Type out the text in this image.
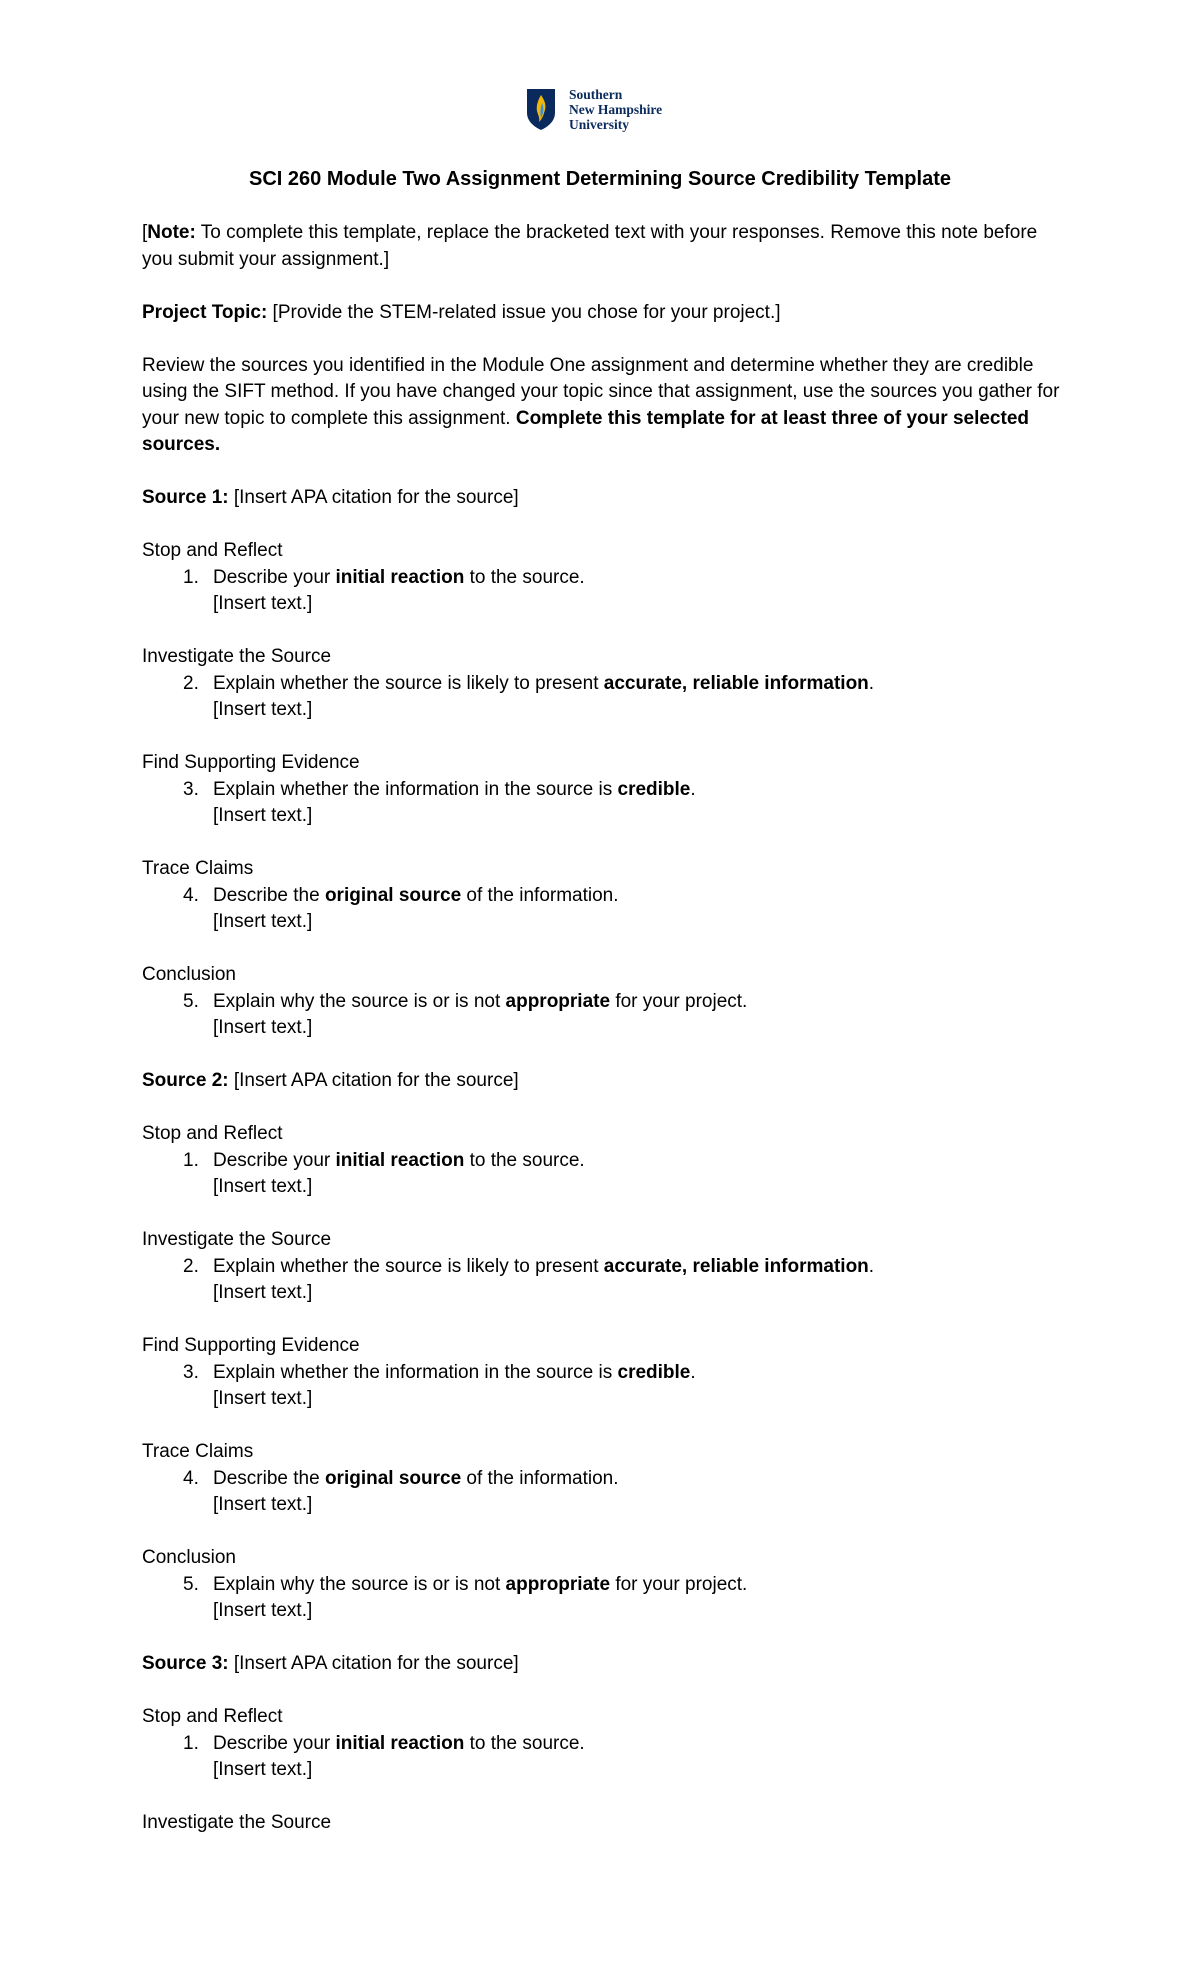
Southern
New Hampshire
University
SCI 260 Module Two Assignment Determining Source Credibility Template

[Note: To complete this template, replace the bracketed text with your responses. Remove this note before you submit your assignment.]

Project Topic: [Provide the STEM-related issue you chose for your project.]

Review the sources you identified in the Module One assignment and determine whether they are credible using the SIFT method. If you have changed your topic since that assignment, use the sources you gather for your new topic to complete this assignment. Complete this template for at least three of your selected sources.

Source 1: [Insert APA citation for the source]

Stop and Reflect
1. Describe your initial reaction to the source.
[Insert text.]
Investigate the Source
2. Explain whether the source is likely to present accurate, reliable information.
[Insert text.]
Find Supporting Evidence
3. Explain whether the information in the source is credible.
[Insert text.]
Trace Claims
4. Describe the original source of the information.
[Insert text.]
Conclusion
5. Explain why the source is or is not appropriate for your project.
[Insert text.]

Source 2: [Insert APA citation for the source]

Stop and Reflect
1. Describe your initial reaction to the source.
[Insert text.]
Investigate the Source
2. Explain whether the source is likely to present accurate, reliable information.
[Insert text.]
Find Supporting Evidence
3. Explain whether the information in the source is credible.
[Insert text.]
Trace Claims
4. Describe the original source of the information.
[Insert text.]
Conclusion
5. Explain why the source is or is not appropriate for your project.
[Insert text.]

Source 3: [Insert APA citation for the source]

Stop and Reflect
1. Describe your initial reaction to the source.
[Insert text.]
Investigate the Source
